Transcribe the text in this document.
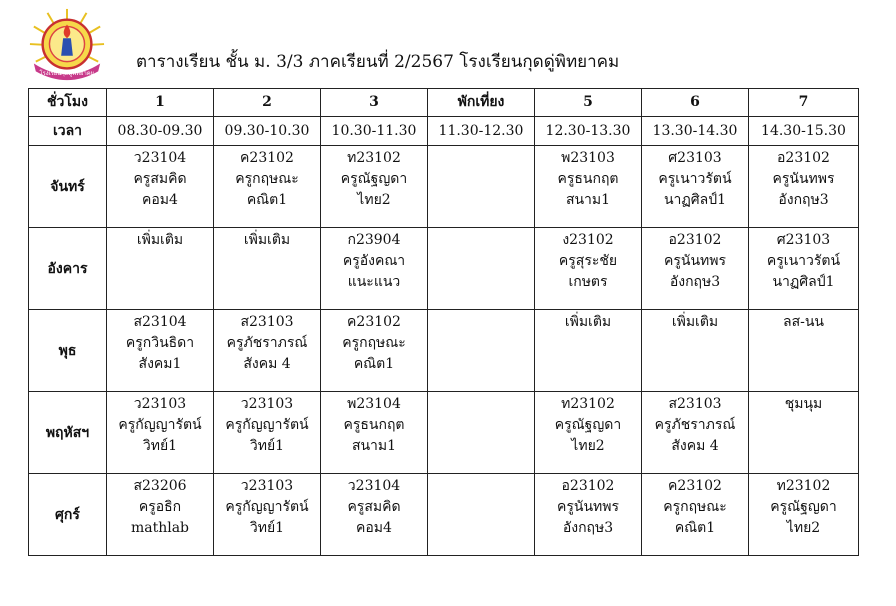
โรงเรียนกุดดู่พิทยาคม
ตารางเรียน ชั้น ม. 3/3 ภาคเรียนที่ 2/2567 โรงเรียนกุดดู่พิทยาคม
ชั่วโมง	1	2	3	พักเที่ยง	5	6	7
เวลา	08.30-09.30	09.30-10.30	10.30-11.30	11.30-12.30	12.30-13.30	13.30-14.30	14.30-15.30
จันทร์	ว23104
ครูสมคิด
คอม4	ค23102
ครูกฤษณะ
คณิต1	ท23102
ครูณัฐญดา
ไทย2		พ23103
ครูธนกฤต
สนาม1	ศ23103
ครูเนาวรัตน์
นาฏศิลป์1	อ23102
ครูนันทพร
อังกฤษ3

อังคาร	เพิ่มเติม	เพิ่มเติม	ก23904
ครูอังคณา
แนะแนว		ง23102
ครูสุระชัย
เกษตร	อ23102
ครูนันทพร
อังกฤษ3	ศ23103
ครูเนาวรัตน์
นาฏศิลป์1

พุธ	ส23104
ครูกวินธิดา
สังคม1	ส23103
ครูภัชราภรณ์
สังคม 4	ค23102
ครูกฤษณะ
คณิต1		เพิ่มเติม	เพิ่มเติม	ลส-นน

พฤหัสฯ	ว23103
ครูกัญญารัตน์
วิทย์1	ว23103
ครูกัญญารัตน์
วิทย์1	พ23104
ครูธนกฤต
สนาม1		ท23102
ครูณัฐญดา
ไทย2	ส23103
ครูภัชราภรณ์
สังคม 4	ชุมนุม

ศุกร์	ส23206
ครูอธิก
mathlab	ว23103
ครูกัญญารัตน์
วิทย์1	ว23104
ครูสมคิด
คอม4		อ23102
ครูนันทพร
อังกฤษ3	ค23102
ครูกฤษณะ
คณิต1	ท23102
ครูณัฐญดา
ไทย2
